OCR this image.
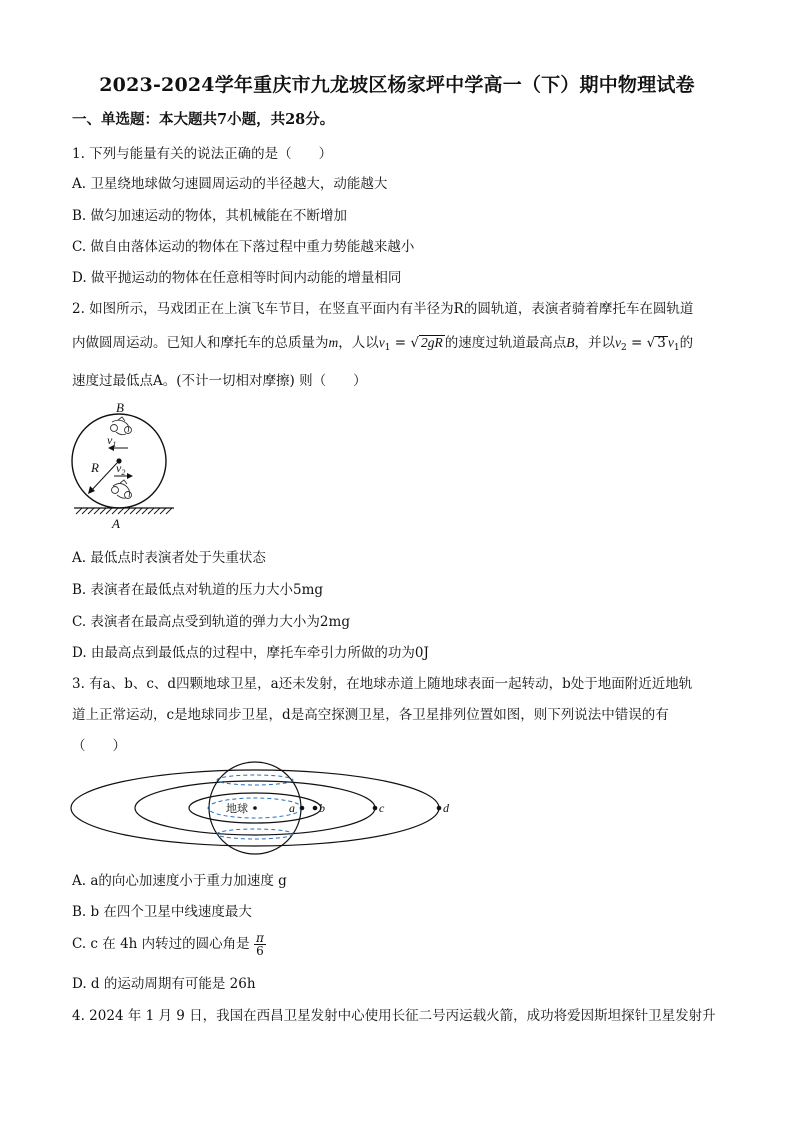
2023-2024学年重庆市九龙坡区杨家坪中学高一（下）期中物理试卷
一、单选题：本大题共7小题，共28分。
1. 下列与能量有关的说法正确的是（　　）
A. 卫星绕地球做匀速圆周运动的半径越大，动能越大
B. 做匀加速运动的物体，其机械能在不断增加
C. 做自由落体运动的物体在下落过程中重力势能越来越小
D. 做平抛运动的物体在任意相等时间内动能的增量相同
2. 如图所示，马戏团正在上演飞车节目，在竖直平面内有半径为R的圆轨道，表演者骑着摩托车在圆轨道
内做圆周运动。已知人和摩托车的总质量为m，人以$v_1$ = √ 2gR 的速度过轨道最高点B，并以$v_2$ = √ 3 $v_1$的
速度过最低点A。(不计一切相对摩擦) 则（　　）
B
A
R
$v_1$
$v_2$
A. 最低点时表演者处于失重状态
B. 表演者在最低点对轨道的压力大小5mg
C. 表演者在最高点受到轨道的弹力大小为2mg
D. 由最高点到最低点的过程中，摩托车牵引力所做的功为0J
3. 有a、b、c、d四颗地球卫星，a还未发射，在地球赤道上随地球表面一起转动，b处于地面附近近地轨
道上正常运动，c是地球同步卫星，d是高空探测卫星，各卫星排列位置如图，则下列说法中错误的有
（　　）
地球	a b	c	d
A. a的向心加速度小于重力加速度 g
B. b 在四个卫星中线速度最大
C. c 在 4h 内转过的圆心角是 $\frac{\pi}{6}$
D. d 的运动周期有可能是 26h
4. 2024 年 1 月 9 日，我国在西昌卫星发射中心使用长征二号丙运载火箭，成功将爱因斯坦探针卫星发射升
